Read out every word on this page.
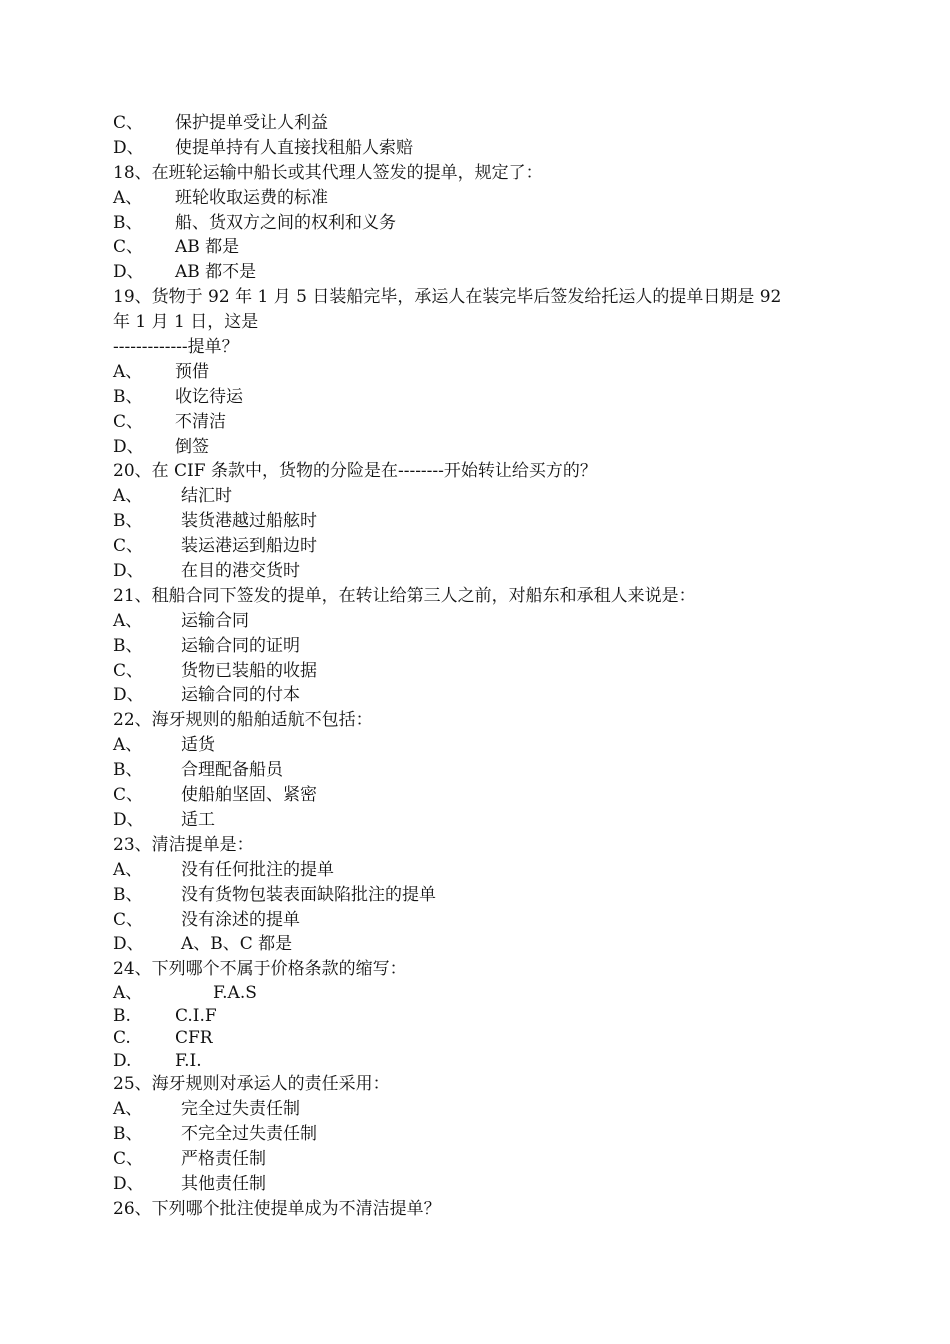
C、	保护提单受让人利益
D、	使提单持有人直接找租船人索赔
18、在班轮运输中船长或其代理人签发的提单，规定了：
A、	班轮收取运费的标准
B、	船、货双方之间的权利和义务
C、	AB 都是
D、	AB 都不是
19、货物于 92 年 1 月 5 日装船完毕，承运人在装完毕后签发给托运人的提单日期是 92
年 1 月 1 日，这是
-------------提单？
A、	预借
B、	收讫待运
C、	不清洁
D、	倒签
20、在 CIF 条款中，货物的分险是在--------开始转让给买方的？
A、	结汇时
B、	装货港越过船舷时
C、	装运港运到船边时
D、	在目的港交货时
21、租船合同下签发的提单，在转让给第三人之前，对船东和承租人来说是：
A、	运输合同
B、	运输合同的证明
C、	货物已装船的收据
D、	运输合同的付本
22、海牙规则的船舶适航不包括：
A、	适货
B、	合理配备船员
C、	使船舶坚固、紧密
D、	适工
23、清洁提单是：
A、	没有任何批注的提单
B、	没有货物包装表面缺陷批注的提单
C、	没有涂述的提单
D、	A、B、C 都是
24、下列哪个不属于价格条款的缩写：
A、	F.A.S
B.	C.I.F
C.	CFR
D.	F.I.
25、海牙规则对承运人的责任采用：
A、	完全过失责任制
B、	不完全过失责任制
C、	严格责任制
D、	其他责任制
26、下列哪个批注使提单成为不清洁提单？
